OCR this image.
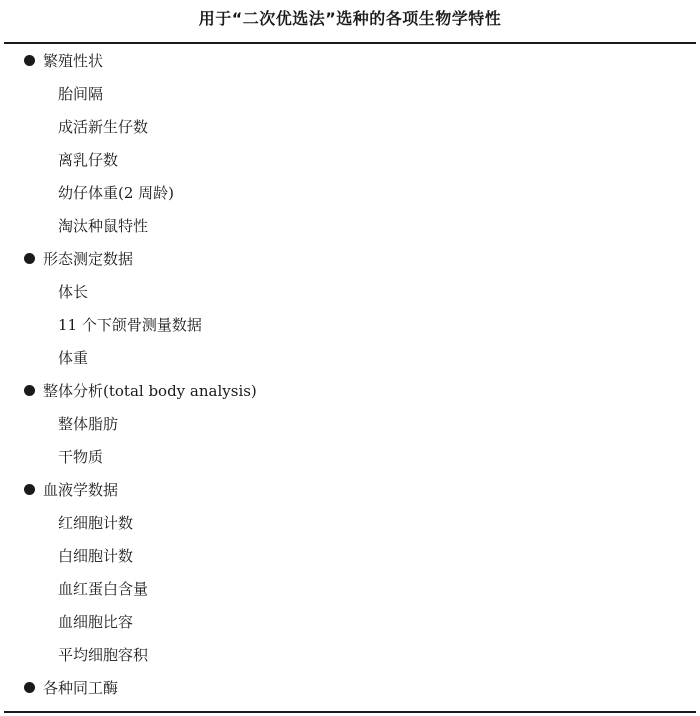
用于“二次优选法”选种的各项生物学特性
繁殖性状
胎间隔
成活新生仔数
离乳仔数
幼仔体重(2 周龄)
淘汰种鼠特性
形态测定数据
体长
11 个下颌骨测量数据
体重
整体分析(total body analysis)
整体脂肪
干物质
血液学数据
红细胞计数
白细胞计数
血红蛋白含量
血细胞比容
平均细胞容积
各种同工酶
